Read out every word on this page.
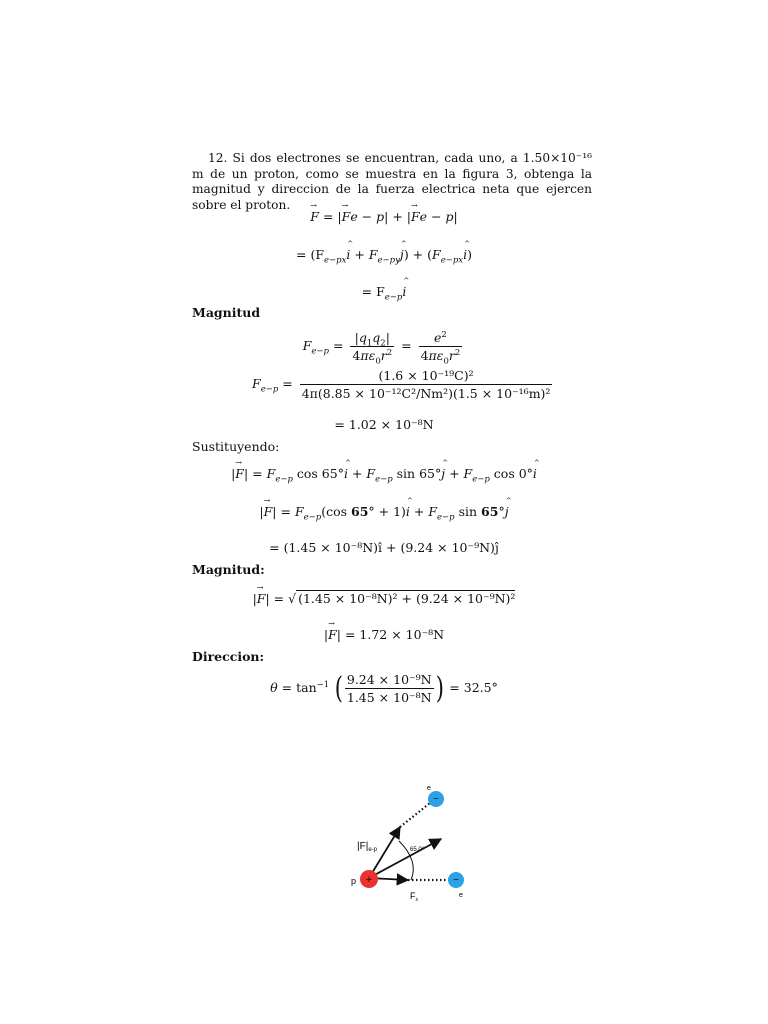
12. Si dos electrones se encuentran, cada uno, a 1.50×10⁻¹⁶ m de un proton, como se muestra en la figura 3, obtenga la magnitud y direccion de la fuerza electrica neta que ejercen sobre el proton.
→ F = |→ Fe − p| + |→ Fe − p|
= ($F_{e-px}\^{}$ $i + F_{e-py}\^{}$ $j) + (F_{e-px}\^{}$ i)
= $F_{e-p}\^{}$ i
Magnitud
$F_{e-p} = \frac{|q_1q_2|}{4\pi\varepsilon_0r^2} = \frac{e^2}{4\pi\varepsilon_0r^2}$
$F_{e-p} = \frac{\text{(1.6 × 10⁻¹⁹C)²}}{\text{4π(8.85 × 10⁻¹²C²/Nm²)(1.5 × 10⁻¹⁶m)²}}$
= 1.02 × 10⁻⁸N
Sustituyendo:
|→ $F| = F_{e-p}$ cos 65°^ $i + F_{e-p}$ sin 65°^ $j + F_{e-p}$ cos 0°^ i
|→ $F| = F_{e-p}(\cos$ 65° + 1)^ $i + F_{e-p}$ sin 65°^ j
= (1.45 × 10⁻⁸N)î + (9.24 × 10⁻⁹N)ĵ
Magnitud:
|→ F| = √ (1.45 × 10⁻⁸N)² + (9.24 × 10⁻⁹N)²
|→ F| = 1.72 × 10⁻⁸N
Direccion:
$\theta = \tan^{-1}$ ( $\frac{\text{9.24 × 10⁻⁹N}}{\text{1.45 × 10⁻⁸N}}$ ) = 32.5°
65.0°
−
e
−
e
+
p
$|F|_{e-p}$
$F_x$
